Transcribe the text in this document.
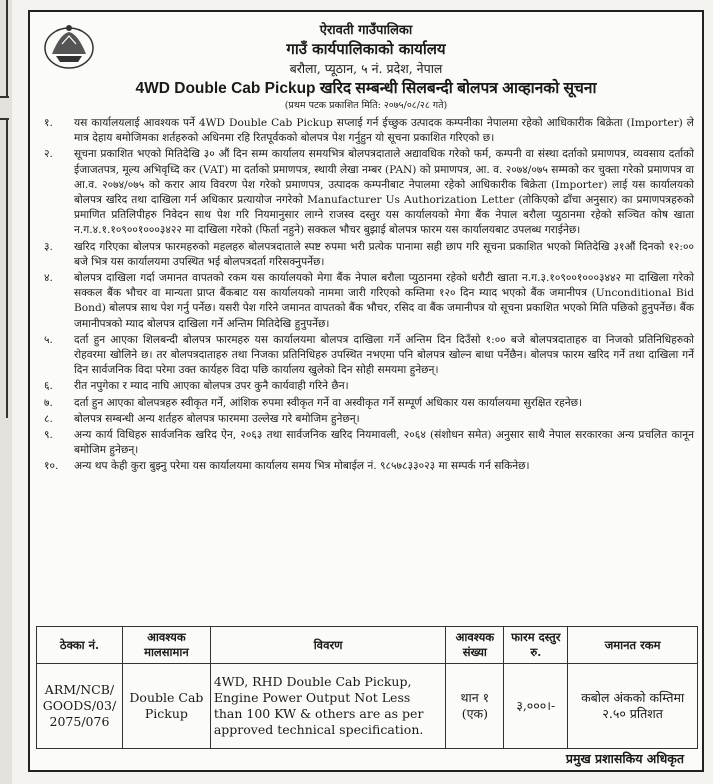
ऐरावती गाउँपालिका
गाउँ कार्यपालिकाको कार्यालय
बरौला, प्यूठान, ५ नं. प्रदेश, नेपाल
4WD Double Cab Pickup खरिद सम्बन्धी सिलबन्दी बोलपत्र आव्हानको सूचना
(प्रथम पटक प्रकाशित मिति: २०७५/०८/२८ गते)
१.	यस कार्यालयलाई आवश्यक पर्ने 4WD Double Cab Pickup सप्लाई गर्न ईच्छुक उत्पादक कम्पनीका नेपालमा रहेको आधिकारीक बिक्रेता (Importer) ले मात्र देहाय बमोजिमका शर्तहरुको अधिनमा रहि रितपूर्वकको बोलपत्र पेश गर्नुहुन यो सूचना प्रकाशित गरिएको छ।
२.	सूचना प्रकाशित भएको मितिदेखि ३० औं दिन सम्म कार्यालय समयभित्र बोलपत्रदाताले अद्यावधिक गरेको फर्म, कम्पनी वा संस्था दर्ताको प्रमाणपत्र, व्यवसाय दर्ताको ईजाजतपत्र, मूल्य अभिवृध्दि कर (VAT) मा दर्ताको प्रमाणपत्र, स्थायी लेखा नम्बर (PAN) को प्रमाणपत्र, आ. व. २०७४/०७५ सम्मको कर चुक्ता गरेको प्रमाणपत्र वा आ.व. २०७४/०७५ को करार आय विवरण पेश गरेको प्रमाणपत्र, उत्पादक कम्पनीबाट नेपालमा रहेको आधिकारीक बिक्रेता (Importer) लाई यस कार्यालयको बोलपत्र खरिद तथा दाखिला गर्न अधिकार प्रत्यायोज नगरेको Manufacturer Us Authorization Letter (तोकिएको ढाँचा अनुसार) का प्रमाणपत्रहरुको प्रमाणित प्रतिलिपीहरु निवेदन साथ पेश गरि नियमानुसार लाग्ने राजस्व दस्तुर यस कार्यालयको मेगा बैंक नेपाल बरौला प्युठानमा रहेको सञ्चित कोष खाता न.ग.४.१.१०९००१०००३४२२ मा दाखिला गरेको (फिर्ता नहुने) सक्कल भौचर बुझाई बोलपत्र फारम यस कार्यालयबाट उपलब्ध गराईनेछ।
३.	खरिद गरिएका बोलपत्र फारमहरुको महलहरु बोलपत्रदाताले स्पष्ट रुपमा भरी प्रत्येक पानामा सही छाप गरि सूचना प्रकाशित भएको मितिदेखि ३१औं दिनको १२:०० बजे भित्र यस कार्यालयमा उपस्थित भई बोलपत्रदर्ता गरिसक्नुपर्नेछ।
४.	बोलपत्र दाखिला गर्दा जमानत वापतको रकम यस कार्यालयको मेगा बैंक नेपाल बरौला प्युठानमा रहेको धरौटी खाता न.ग.३.१०९००१०००३४४२ मा दाखिला गरेको सक्कल बैंक भौचर वा मान्यता प्राप्त बैंकबाट यस कार्यालयको नाममा जारी गरिएको कम्तिमा १२० दिन म्याद भएको बैंक जमानीपत्र (Unconditional Bid Bond) बोलपत्र साथ पेश गर्नु पर्नेछ। यसरी पेश गरिने जमानत वापतको बैंक भौचर, रसिद वा बैंक जमानीपत्र यो सूचना प्रकाशित भएको मिति पछिको हुनुपर्नेछ। बैंक जमानीपत्रको म्याद बोलपत्र दाखिला गर्ने अन्तिम मितिदेखि हुनुपर्नेछ।
५.	दर्ता हुन आएका शिलबन्दी बोलपत्र फारमहरु यस कार्यालयमा बोलपत्र दाखिला गर्ने अन्तिम दिन दिउँसो १:०० बजे बोलपत्रदाताहरु वा निजको प्रतिनिधिहरुको रोहवरमा खोलिने छ। तर बोलपत्रदाताहरु तथा निजका प्रतिनिधिहरु उपस्थित नभएमा पनि बोलपत्र खोल्न बाधा पर्नेछैन। बोलपत्र फारम खरिद गर्ने तथा दाखिला गर्ने दिन सार्वजनिक विदा परेमा उक्त कार्यहरु विदा पछि कार्यालय खुलेको दिन सोही समयमा हुनेछन्।
६.	रीत नपुगेका र म्याद नाघि आएका बोलपत्र उपर कुनै कार्यवाही गरिने छैन।
७.	दर्ता हुन आएका बोलपत्रहरु स्वीकृत गर्ने, आंशिक रुपमा स्वीकृत गर्ने वा अस्वीकृत गर्ने सम्पूर्ण अधिकार यस कार्यालयमा सुरक्षित रहनेछ।
८.	बोलपत्र सम्बन्धी अन्य शर्तहरु बोलपत्र फारममा उल्लेख गरे बमोजिम हुनेछन्।
९.	अन्य कार्य विधिहरु सार्वजनिक खरिद ऐन, २०६३ तथा सार्वजनिक खरिद नियमावली, २०६४ (संशोधन समेत) अनुसार साथै नेपाल सरकारका अन्य प्रचलित कानून बमोजिम हुनेछन्।
१०.	अन्य थप केही कुरा बुझ्नु परेमा यस कार्यालयमा कार्यालय समय भित्र मोबाईल नं. ९८५७८३३०२३ मा सम्पर्क गर्न सकिनेछ।
ठेक्का नं.	आवश्यक मालसामान	विवरण	आवश्यक संख्या	फारम दस्तुर रु.	जमानत रकम
ARM/NCB/ GOODS/03/ 2075/076	Double Cab Pickup	4WD, RHD Double Cab Pickup, Engine Power Output Not Less than 100 KW & others are as per approved technical specification.	थान १ (एक)	३,०००।-	कबोल अंकको कम्तिमा २.५० प्रतिशत
प्रमुख प्रशासकिय अधिकृत
